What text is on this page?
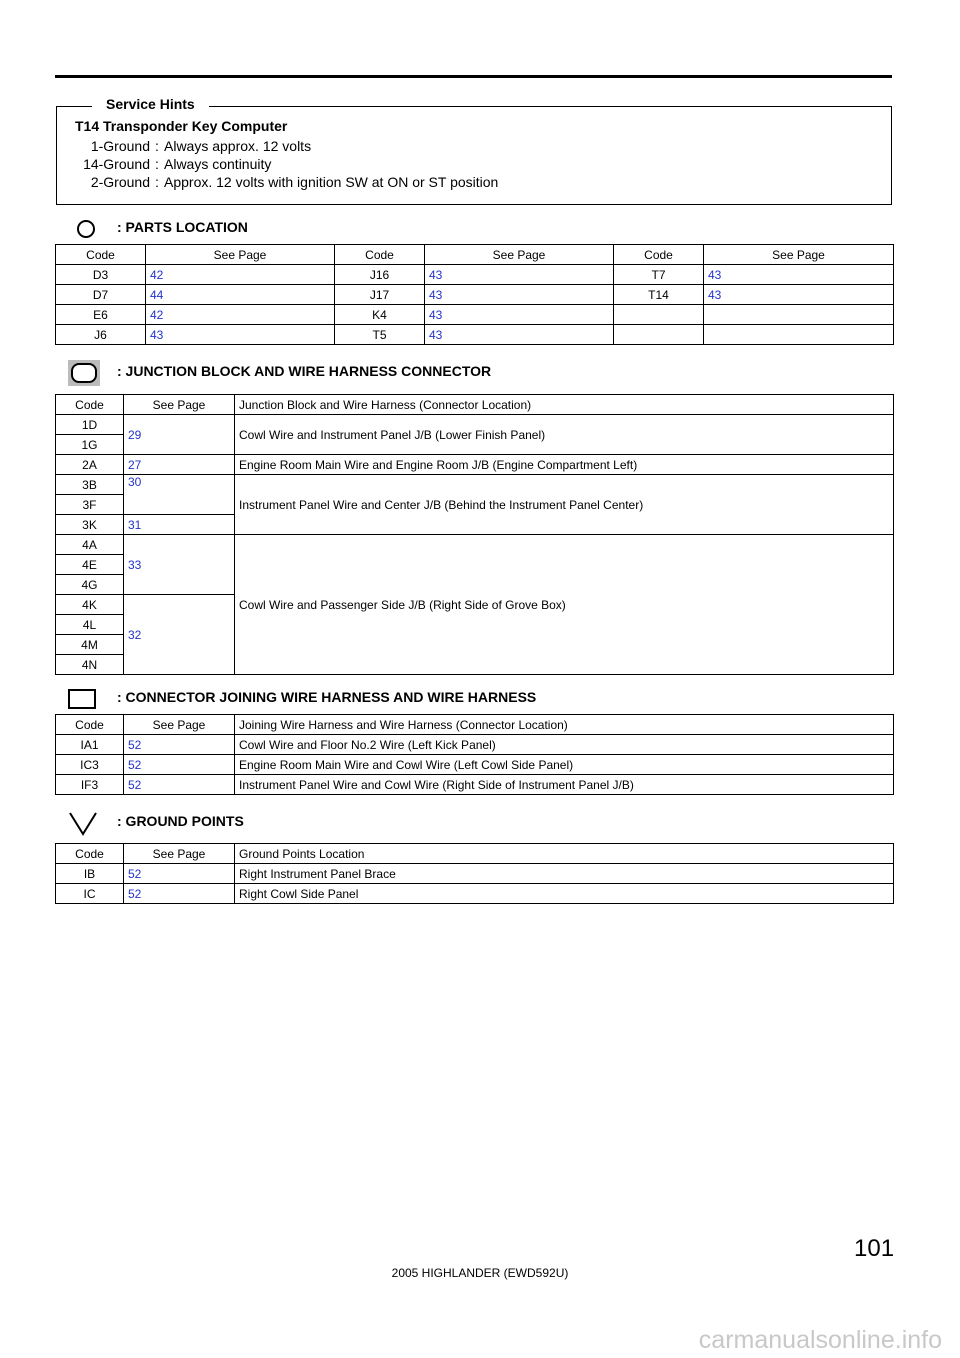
Service Hints
T14 Transponder Key Computer
1-Ground : Always approx. 12 volts
14-Ground : Always continuity
2-Ground : Approx. 12 volts with ignition SW at ON or ST position
: PARTS LOCATION
Code	See Page	Code	See Page	Code	See Page
D3	42	J16	43	T7	43
D7	44	J17	43	T14	43
E6	42	K4	43		
J6	43	T5	43		
: JUNCTION BLOCK AND WIRE HARNESS CONNECTOR
Code	See Page	Junction Block and Wire Harness (Connector Location)
1D	29	Cowl Wire and Instrument Panel J/B (Lower Finish Panel)
1G		
2A	27	Engine Room Main Wire and Engine Room J/B (Engine Compartment Left)
3B	30	Instrument Panel Wire and Center J/B (Behind the Instrument Panel Center)
3F		
3K	31	
4A	33	Cowl Wire and Passenger Side J/B (Right Side of Grove Box)
4E		
4G		
4K	32	
4L		
4M		
4N		
: CONNECTOR JOINING WIRE HARNESS AND WIRE HARNESS
Code	See Page	Joining Wire Harness and Wire Harness (Connector Location)
IA1	52	Cowl Wire and Floor No.2 Wire (Left Kick Panel)
IC3	52	Engine Room Main Wire and Cowl Wire (Left Cowl Side Panel)
IF3	52	Instrument Panel Wire and Cowl Wire (Right Side of Instrument Panel J/B)
: GROUND POINTS
Code	See Page	Ground Points Location
IB	52	Right Instrument Panel Brace
IC	52	Right Cowl Side Panel
101
2005 HIGHLANDER (EWD592U)
carmanualsonline.info
